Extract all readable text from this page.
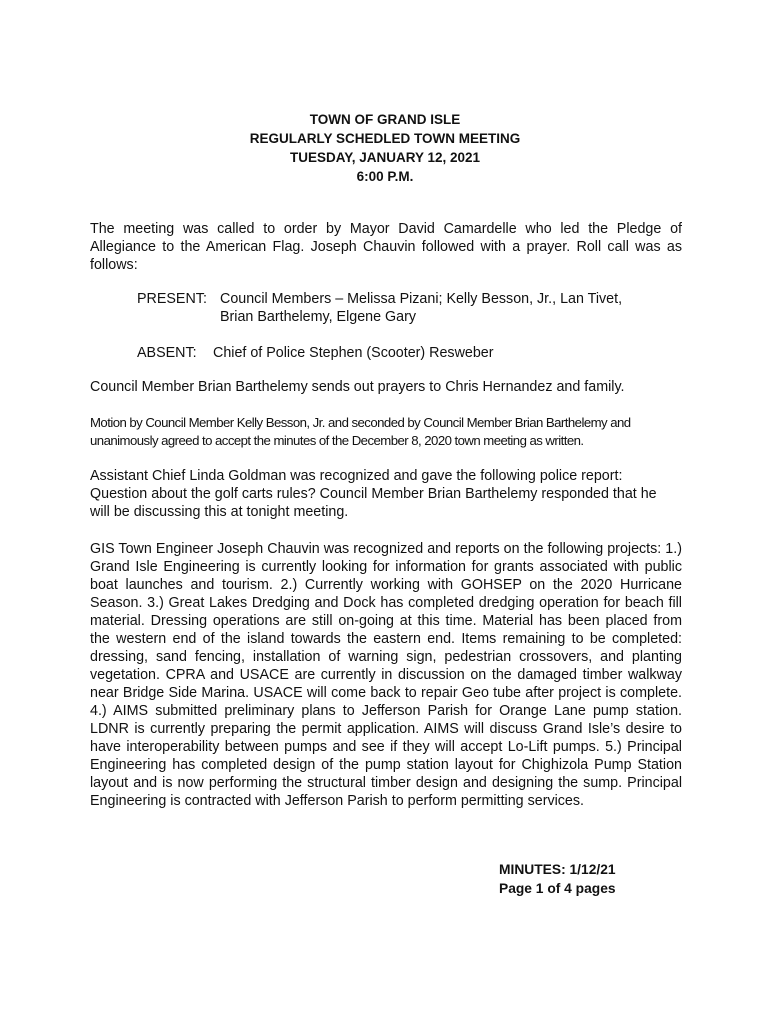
TOWN OF GRAND ISLE
REGULARLY SCHEDLED TOWN MEETING
TUESDAY, JANUARY 12, 2021
6:00 P.M.
The meeting was called to order by Mayor David Camardelle who led the Pledge of Allegiance to the American Flag. Joseph Chauvin followed with a prayer. Roll call was as follows:
PRESENT: Council Members – Melissa Pizani; Kelly Besson, Jr., Lan Tivet,
Brian Barthelemy, Elgene Gary
ABSENT: Chief of Police Stephen (Scooter) Resweber
Council Member Brian Barthelemy sends out prayers to Chris Hernandez and family.
Motion by Council Member Kelly Besson, Jr. and seconded by Council Member Brian Barthelemy and unanimously agreed to accept the minutes of the December 8, 2020 town meeting as written.
Assistant Chief Linda Goldman was recognized and gave the following police report: Question about the golf carts rules? Council Member Brian Barthelemy responded that he will be discussing this at tonight meeting.
GIS Town Engineer Joseph Chauvin was recognized and reports on the following projects: 1.) Grand Isle Engineering is currently looking for information for grants associated with public boat launches and tourism. 2.) Currently working with GOHSEP on the 2020 Hurricane Season. 3.) Great Lakes Dredging and Dock has completed dredging operation for beach fill material. Dressing operations are still on-going at this time. Material has been placed from the western end of the island towards the eastern end. Items remaining to be completed: dressing, sand fencing, installation of warning sign, pedestrian crossovers, and planting vegetation. CPRA and USACE are currently in discussion on the damaged timber walkway near Bridge Side Marina. USACE will come back to repair Geo tube after project is complete. 4.) AIMS submitted preliminary plans to Jefferson Parish for Orange Lane pump station. LDNR is currently preparing the permit application. AIMS will discuss Grand Isle’s desire to have interoperability between pumps and see if they will accept Lo-Lift pumps. 5.) Principal Engineering has completed design of the pump station layout for Chighizola Pump Station layout and is now performing the structural timber design and designing the sump. Principal Engineering is contracted with Jefferson Parish to perform permitting services.
MINUTES: 1/12/21
Page 1 of 4 pages
